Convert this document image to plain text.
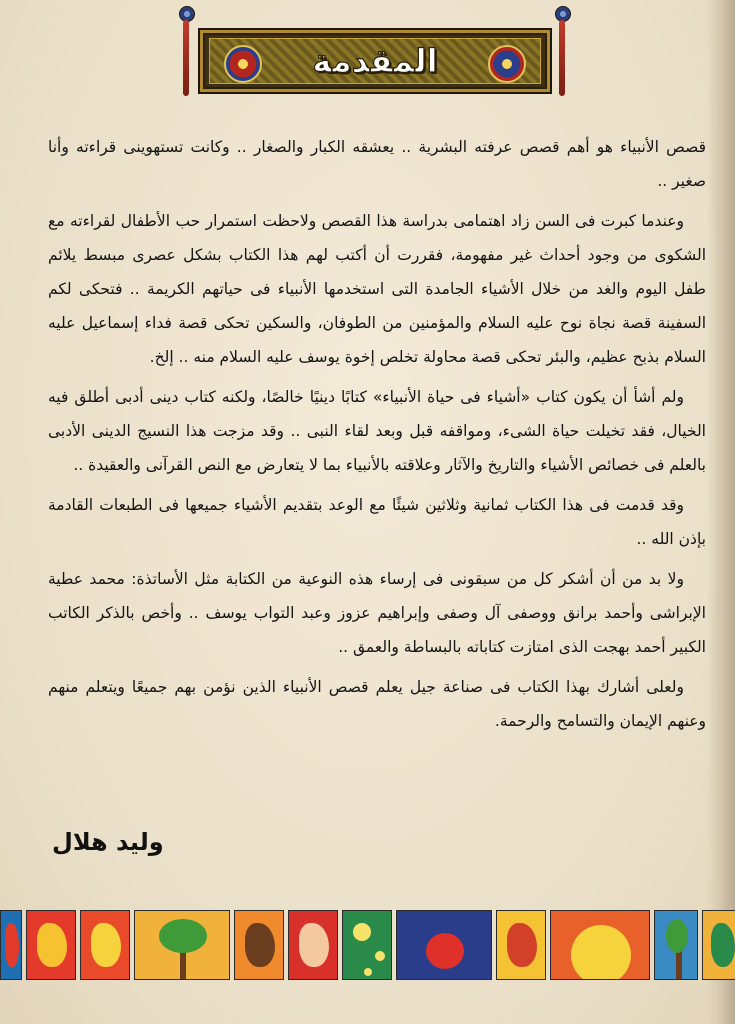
المقدمة

قصص الأنبياء هو أهم قصص عرفته البشرية .. يعشقه الكبار والصغار .. وكانت تستهوينى قراءته وأنا صغير ..

وعندما كبرت فى السن زاد اهتمامى بدراسة هذا القصص ولاحظت استمرار حب الأطفال لقراءته مع الشكوى من وجود أحداث غير مفهومة، فقررت أن أكتب لهم هذا الكتاب بشكل عصرى مبسط يلائم طفل اليوم والغد من خلال الأشياء الجامدة التى استخدمها الأنبياء فى حياتهم الكريمة .. فتحكى لكم السفينة قصة نجاة نوح عليه السلام والمؤمنين من الطوفان، والسكين تحكى قصة فداء إسماعيل عليه السلام بذبح عظيم، والبئر تحكى قصة محاولة تخلص إخوة يوسف عليه السلام منه .. إلخ.

ولم أشأ أن يكون كتاب «أشياء فى حياة الأنبياء» كتابًا دينيًا خالصًا، ولكنه كتاب دينى أدبى أطلق فيه الخيال، فقد تخيلت حياة الشىء، ومواقفه قبل وبعد لقاء النبى .. وقد مزجت هذا النسيج الدينى الأدبى بالعلم فى خصائص الأشياء والتاريخ والآثار وعلاقته بالأنبياء بما لا يتعارض مع النص القرآنى والعقيدة ..

وقد قدمت فى هذا الكتاب ثمانية وثلاثين شيئًا مع الوعد بتقديم الأشياء جميعها فى الطبعات القادمة بإذن الله ..

ولا بد من أن أشكر كل من سبقونى فى إرساء هذه النوعية من الكتابة مثل الأساتذة: محمد عطية الإبراشى وأحمد برانق ووصفى آل وصفى وإبراهيم عزوز وعبد التواب يوسف .. وأخص بالذكر الكاتب الكبير أحمد بهجت الذى امتازت كتاباته بالبساطة والعمق ..

ولعلى أشارك بهذا الكتاب فى صناعة جيل يعلم قصص الأنبياء الذين نؤمن بهم جميعًا ويتعلم منهم وعنهم الإيمان والتسامح والرحمة.

وليد هلال
